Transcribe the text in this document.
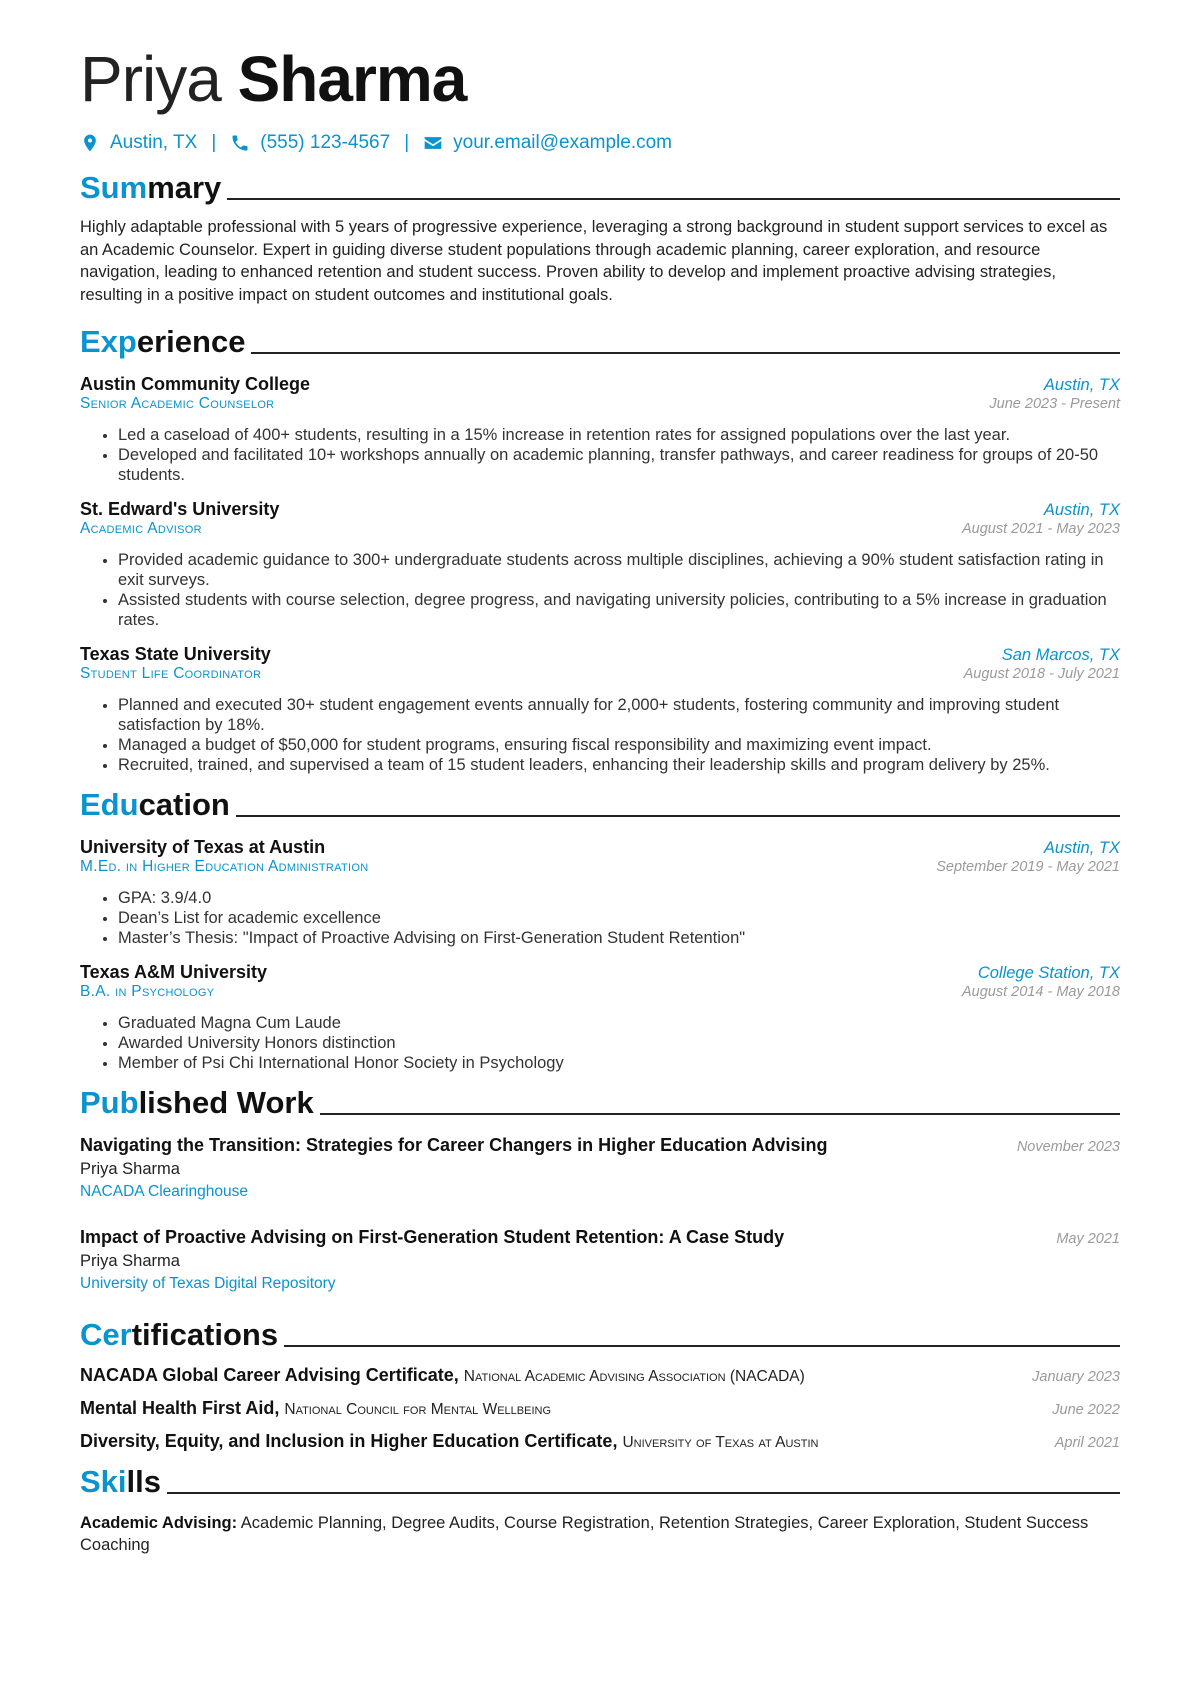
Priya Sharma
Austin, TX | (555) 123-4567 | your.email@example.com
Summary
Highly adaptable professional with 5 years of progressive experience, leveraging a strong background in student support services to excel as an Academic Counselor. Expert in guiding diverse student populations through academic planning, career exploration, and resource navigation, leading to enhanced retention and student success. Proven ability to develop and implement proactive advising strategies, resulting in a positive impact on student outcomes and institutional goals.
Experience
Austin Community College	Austin, TX
Senior Academic Counselor	June 2023 - Present
• Led a caseload of 400+ students, resulting in a 15% increase in retention rates for assigned populations over the last year.
• Developed and facilitated 10+ workshops annually on academic planning, transfer pathways, and career readiness for groups of 20-50 students.
St. Edward's University	Austin, TX
Academic Advisor	August 2021 - May 2023
• Provided academic guidance to 300+ undergraduate students across multiple disciplines, achieving a 90% student satisfaction rating in exit surveys.
• Assisted students with course selection, degree progress, and navigating university policies, contributing to a 5% increase in graduation rates.
Texas State University	San Marcos, TX
Student Life Coordinator	August 2018 - July 2021
• Planned and executed 30+ student engagement events annually for 2,000+ students, fostering community and improving student satisfaction by 18%.
• Managed a budget of $50,000 for student programs, ensuring fiscal responsibility and maximizing event impact.
• Recruited, trained, and supervised a team of 15 student leaders, enhancing their leadership skills and program delivery by 25%.
Education
University of Texas at Austin	Austin, TX
M.Ed. in Higher Education Administration	September 2019 - May 2021
• GPA: 3.9/4.0
• Dean’s List for academic excellence
• Master’s Thesis: "Impact of Proactive Advising on First-Generation Student Retention"
Texas A&M University	College Station, TX
B.A. in Psychology	August 2014 - May 2018
• Graduated Magna Cum Laude
• Awarded University Honors distinction
• Member of Psi Chi International Honor Society in Psychology
Published Work
Navigating the Transition: Strategies for Career Changers in Higher Education Advising	November 2023
Priya Sharma
NACADA Clearinghouse
Impact of Proactive Advising on First-Generation Student Retention: A Case Study	May 2021
Priya Sharma
University of Texas Digital Repository
Certifications
NACADA Global Career Advising Certificate, National Academic Advising Association (NACADA)	January 2023
Mental Health First Aid, National Council for Mental Wellbeing	June 2022
Diversity, Equity, and Inclusion in Higher Education Certificate, University of Texas at Austin	April 2021
Skills
Academic Advising: Academic Planning, Degree Audits, Course Registration, Retention Strategies, Career Exploration, Student Success Coaching
